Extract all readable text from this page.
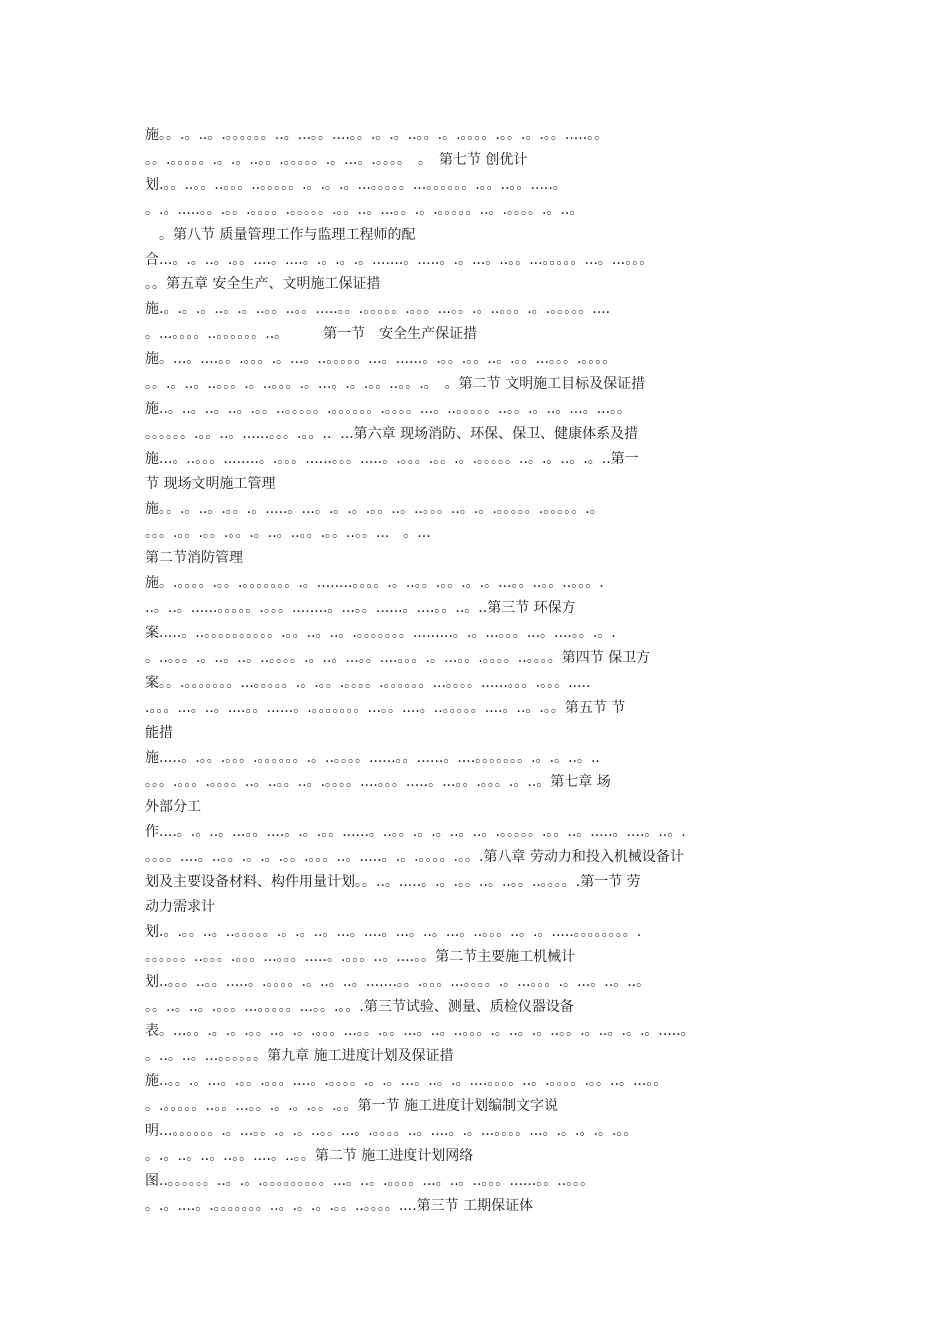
施。。.。..。.。。。。。。..。...。。....。。.。.。..。。.。.。。。。.。。.。.。。.....。。
。。.。。。。。.。.。..。。.。。。。。.。...。.。。。。　。　第七节 创优计
划.。。..。。..。。。..。。。。。.。.。.。...。。。。。...。。。。。。.。。..。。.....。
。.。.....。。.。。.。。。。.。。。。。.。。..。...。。.。.。。。。。..。.。。。。.。..。
　。第八节 质量管理工作与监理工程师的配
合...。.。..。.。。....。....。.。.。.。.......。.....。.。...。..。。...。。。。。...。...。。。
。。第五章 安全生产、文明施工保证措
施.。.。.。..。.。..。。..。。.....。。.。。。。。.。。。...。。.。..。。。.。.。。。。。....
。...。。。。..。。。。。。..。　　　第一节　安全生产保证措
施。...。....。。.。。。.。...。..。。。。。...。......。.。。.。。..。.。。...。。。.。。。。
。。.。..。..。。。.。..。。。.。...。.。.。。..。。.。　。第二节 文明施工目标及保证措
施..。..。..。..。.。。..。。。。。.。。。。。。.。。。。...。..。。。。。..。。.。..。...。...。。
。。。。。。.。。..。......。。。.。。..  ...第六章 现场消防、环保、保卫、健康体系及措
施...。..。。。........。.。。。......。。。.....。.。。。.。。.。.。。。。。..。.。..。.。..第一
节 现场文明施工管理
施。。.。..。.。。.。.....。...。.。.。.。。..。..。。。..。.。.。。。。。.。。。。。.。
。。。.。。.。。.。。.。..。..。。.。。..。。...　。...
第二节消防管理
施。.。。。。.。。.。。。。。。。.。........。。。。.。..。。.。。.。.。...。。..。。..。。。.
..。..。......。。。。。.。。。........。...。。......。....。。..。..第三节 环保方
案.....。..。。。。。。。。。。.。。..。..。.。。。。。。。.........。.。...。。。...。....。。.。.
。..。。。.。..。..。..。。。。.。..。...。。....。。。.。...。。.。。。。..。。。。第四节 保卫方
案。。.。。。。。。。...。。。。。.。.。。.。。。。.。。。。。。...。。。。......。。。.。。。.....
.。。。...。..。....。。......。.。。。。。。。...。。....。..。。。。。....。..。.。。第五节 节
能措
施.....。.。。.。。。.。。。。。。.。..。。。。......。。......。....。。。。。。。.。.。..。..
。。。.。。。.。。。。..。..。。..。.。。。。....。。。.....。...。。.。。。.。..。第七章 场
外部分工
作....。.。..。...。。....。.。.。。......。..。。.。.。..。..。.。。。。。.。。..。.....。....。..。.
。。。。....。..。。.。.。.。。.。。。..。.....。.。.。。。。.。。.第八章 劳动力和投入机械设备计
划及主要设备材料、构件用量计划。。..。.....。.。.。。..。..。。..。。。。.第一节 劳
动力需求计
划.。.。。..。..。。。。。.。.。..。...。....。...。..。...。..。。。..。.。.....。。。。。。。。.
。。。。。。..。。。.。。。...。。。.....。.。。。..。....。。第二节主要施工机械计
划..。。。..。。.....。.。。。。.。..。..。.......。。.。。。...。。。。.。...。。。.。...。..。..。
。。..。..。.。。。...。。。。。...。。.。。.第三节试验、测量、质检仪器设备
表。...。。.。.。.。。..。.。.。。。...。。.。。...。..。..。。。.。..。.。..。。.。..。.。.。.....。
。..。..。...。。。。。。第九章 施工进度计划及保证措
施..。。.。...。.。。.。。。....。.。。。。.。.。...。..。.。....。。。。..。.。。。。.。。..。...。。
。.。。。。。..。。...。。.。.。.。。.。。第一节 施工进度计划编制文字说
明...。。。。。。.。...。。.。.。..。。...。.。。。。..。....。.。...。。。。...。.。.。.。.。。
。.。..。..。..。。....。..。。第二节 施工进度计划网络
图..。。。。。。..。.。.。。。。。。。。。...。..。.。。。。...。..。..。。。......。。..。。。
。.。....。.。。。。。。。..。.。.。.。。..。。。。....第三节 工期保证体
